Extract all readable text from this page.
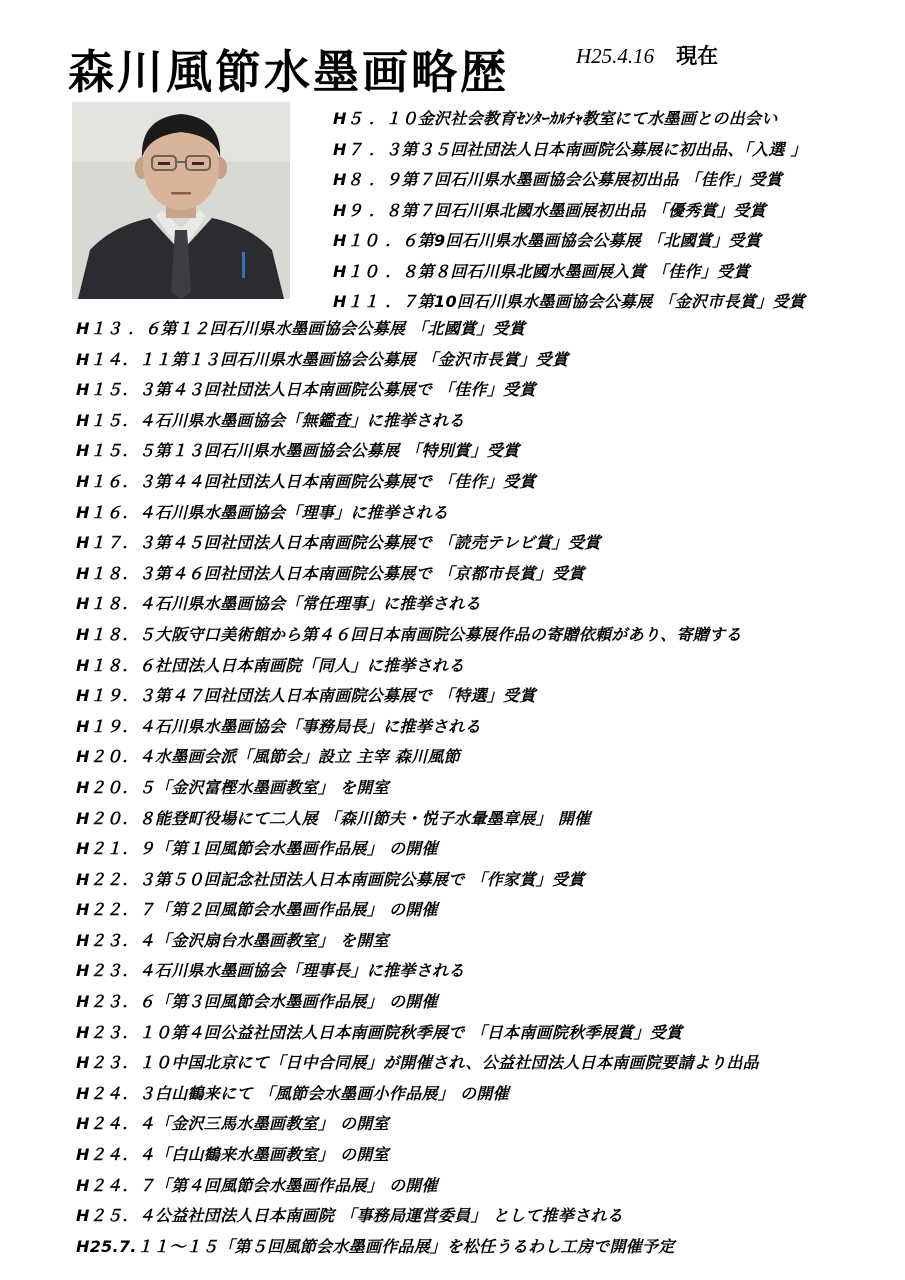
森川風節水墨画略歴	H25.4.16 現在
H５ ．１０金沢社会教育ｾﾝﾀｰｶﾙﾁｬ教室にて水墨画との出会い
H７ ．３第３５回社団法人日本南画院公募展に初出品、「入選 」
H８ ．９第７回石川県水墨画協会公募展初出品 「佳作」受賞
H９ ．８第７回石川県北國水墨画展初出品 「優秀賞」受賞
H１０ ．６第9回石川県水墨画協会公募展 「北國賞」受賞
H１０ ．８第８回石川県北國水墨画展入賞 「佳作」受賞
H１１ ．７第10回石川県水墨画協会公募展 「金沢市長賞」受賞
H１３ ．６第１２回石川県水墨画協会公募展 「北國賞」受賞
H１４．１１第１３回石川県水墨画協会公募展 「金沢市長賞」受賞
H１５．３第４３回社団法人日本南画院公募展で 「佳作」受賞
H１５．４石川県水墨画協会「無鑑査」に推挙される
H１５．５第１３回石川県水墨画協会公募展 「特別賞」受賞
H１６．３第４４回社団法人日本南画院公募展で 「佳作」受賞
H１６．４石川県水墨画協会「理事」に推挙される
H１７．３第４５回社団法人日本南画院公募展で 「読売テレビ賞」受賞
H１８．３第４６回社団法人日本南画院公募展で 「京都市長賞」受賞
H１８．４石川県水墨画協会「常任理事」に推挙される
H１８．５大阪守口美術館から第４６回日本南画院公募展作品の寄贈依頼があり、寄贈する
H１８．６社団法人日本南画院「同人」に推挙される
H１９．３第４７回社団法人日本南画院公募展で 「特選」受賞
H１９．４石川県水墨画協会「事務局長」に推挙される
H２０．４水墨画会派「風節会」設立 主宰 森川風節
H２０．５「金沢富樫水墨画教室」 を開室
H２０．８能登町役場にて二人展 「森川節夫・悦子水暈墨章展」 開催
H２１．９「第１回風節会水墨画作品展」 の開催
H２２．３第５０回記念社団法人日本南画院公募展で 「作家賞」受賞
H２２．７「第２回風節会水墨画作品展」 の開催
H２３．４「金沢扇台水墨画教室」 を開室
H２３．４石川県水墨画協会「理事長」に推挙される
H２３．６「第３回風節会水墨画作品展」 の開催
H２３．１０第４回公益社団法人日本南画院秋季展で 「日本南画院秋季展賞」受賞
H２３．１０中国北京にて「日中合同展」が開催され、公益社団法人日本南画院要請より出品
H２４．３白山鶴来にて 「風節会水墨画小作品展」 の開催
H２４．４「金沢三馬水墨画教室」 の開室
H２４．４「白山鶴来水墨画教室」 の開室
H２４．７「第４回風節会水墨画作品展」 の開催
H２５．４公益社団法人日本南画院 「事務局運営委員」 として推挙される
H25.7.１１～１５「第５回風節会水墨画作品展」を松任うるわし工房で開催予定
